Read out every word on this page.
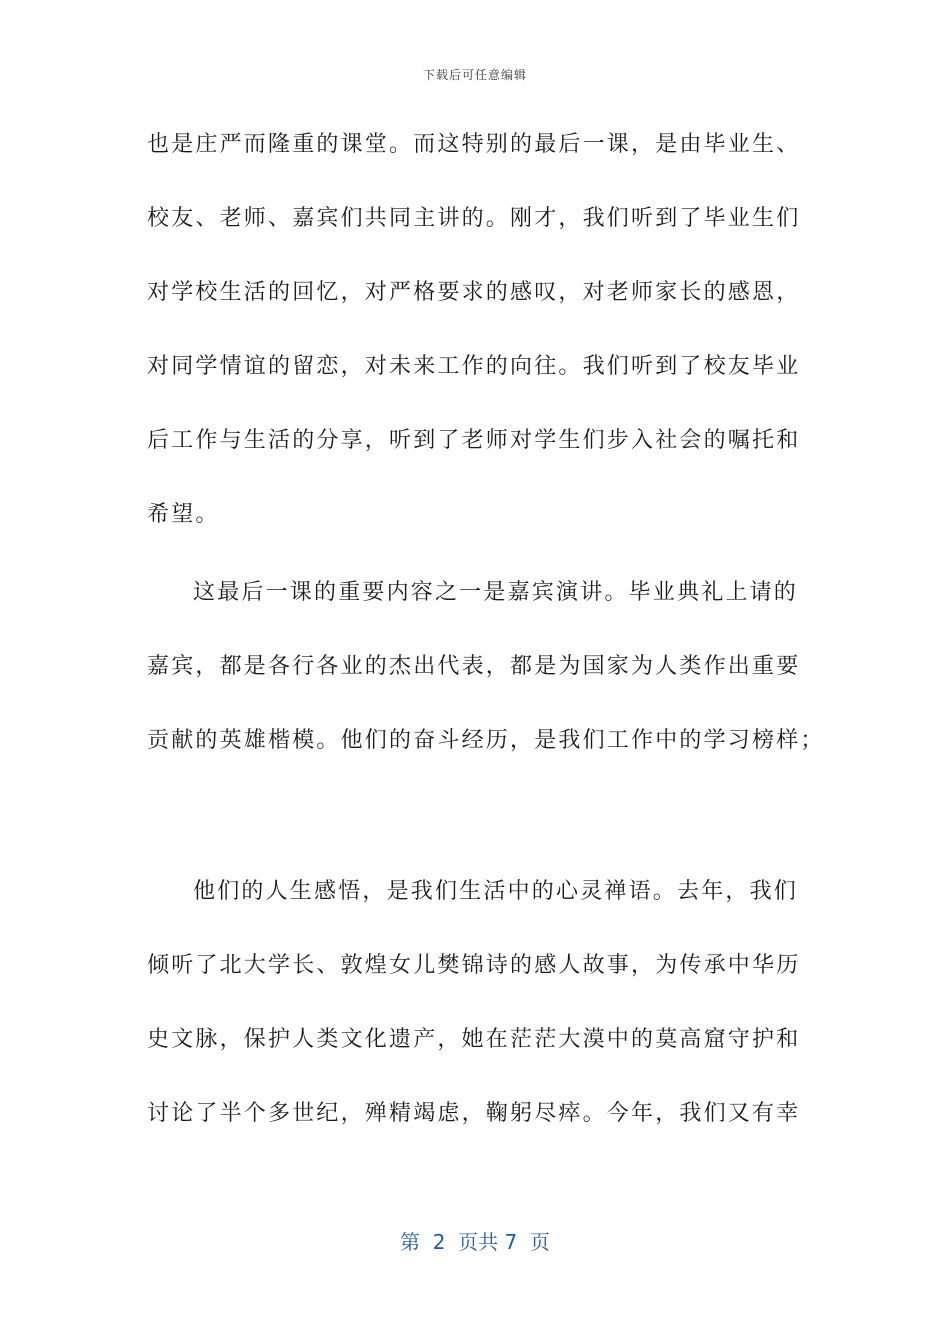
下载后可任意编辑
也是庄严而隆重的课堂。而这特别的最后一课，是由毕业生、
校友、老师、嘉宾们共同主讲的。刚才，我们听到了毕业生们
对学校生活的回忆，对严格要求的感叹，对老师家长的感恩，
对同学情谊的留恋，对未来工作的向往。我们听到了校友毕业
后工作与生活的分享，听到了老师对学生们步入社会的嘱托和
希望。
这最后一课的重要内容之一是嘉宾演讲。毕业典礼上请的
嘉宾，都是各行各业的杰出代表，都是为国家为人类作出重要
贡献的英雄楷模。他们的奋斗经历，是我们工作中的学习榜样；
他们的人生感悟，是我们生活中的心灵禅语。去年，我们
倾听了北大学长、敦煌女儿樊锦诗的感人故事，为传承中华历
史文脉，保护人类文化遗产，她在茫茫大漠中的莫高窟守护和
讨论了半个多世纪，殚精竭虑，鞠躬尽瘁。今年，我们又有幸
第  2  页共 7  页
